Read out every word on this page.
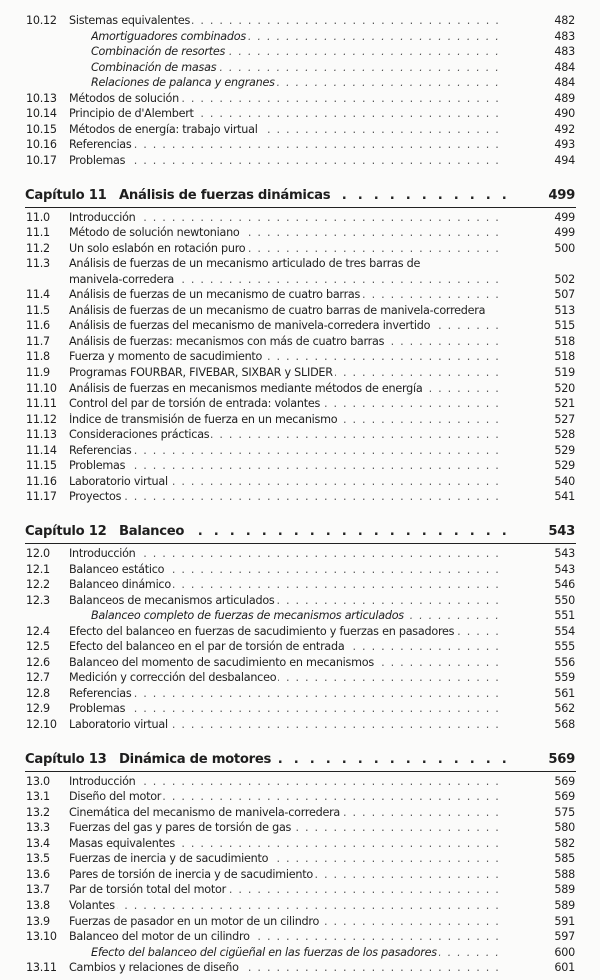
10.12	Sistemas equivalentes . . .	482
Amortiguadores combinados . . .	483
Combinación de resortes . . .	483
Combinación de masas . . .	484
Relaciones de palanca y engranes . . .	484
10.13	Métodos de solución . . .	489
10.14	Principio de d'Alembert . . .	490
10.15	Métodos de energía: trabajo virtual . . .	492
10.16	Referencias . . .	493
10.17	Problemas . . .	494
Capítulo 11 Análisis de fuerzas dinámicas . . .	499
11.0	Introducción . . .	499
11.1	Método de solución newtoniano . . .	499
11.2	Un solo eslabón en rotación puro . . .	500
11.3	Análisis de fuerzas de un mecanismo articulado de tres barras de
manivela-corredera . . .	502
11.4	Análisis de fuerzas de un mecanismo de cuatro barras . . .	507
11.5	Análisis de fuerzas de un mecanismo de cuatro barras de manivela-corredera	513
11.6	Análisis de fuerzas del mecanismo de manivela-corredera invertido . . .	515
11.7	Análisis de fuerzas: mecanismos con más de cuatro barras . . .	518
11.8	Fuerza y momento de sacudimiento . . .	518
11.9	Programas FOURBAR, FIVEBAR, SIXBAR y SLIDER . . .	519
11.10	Análisis de fuerzas en mecanismos mediante métodos de energía . . .	520
11.11	Control del par de torsión de entrada: volantes . . .	521
11.12	Índice de transmisión de fuerza en un mecanismo . . .	527
11.13	Consideraciones prácticas . . .	528
11.14	Referencias . . .	529
11.15	Problemas . . .	529
11.16	Laboratorio virtual . . .	540
11.17	Proyectos . . .	541
Capítulo 12 Balanceo . . .	543
12.0	Introducción . . .	543
12.1	Balanceo estático . . .	543
12.2	Balanceo dinámico . . .	546
12.3	Balanceos de mecanismos articulados . . .	550
Balanceo completo de fuerzas de mecanismos articulados . . .	551
12.4	Efecto del balanceo en fuerzas de sacudimiento y fuerzas en pasadores . . .	554
12.5	Efecto del balanceo en el par de torsión de entrada . . .	555
12.6	Balanceo del momento de sacudimiento en mecanismos . . .	556
12.7	Medición y corrección del desbalanceo . . .	559
12.8	Referencias . . .	561
12.9	Problemas . . .	562
12.10	Laboratorio virtual . . .	568
Capítulo 13 Dinámica de motores . . .	569
13.0	Introducción . . .	569
13.1	Diseño del motor . . .	569
13.2	Cinemática del mecanismo de manivela-corredera . . .	575
13.3	Fuerzas del gas y pares de torsión de gas . . .	580
13.4	Masas equivalentes . . .	582
13.5	Fuerzas de inercia y de sacudimiento . . .	585
13.6	Pares de torsión de inercia y de sacudimiento . . .	588
13.7	Par de torsión total del motor . . .	589
13.8	Volantes . . .	589
13.9	Fuerzas de pasador en un motor de un cilindro . . .	591
13.10	Balanceo del motor de un cilindro . . .	597
Efecto del balanceo del cigüeñal en las fuerzas de los pasadores . . .	600
13.11	Cambios y relaciones de diseño . . .	601
